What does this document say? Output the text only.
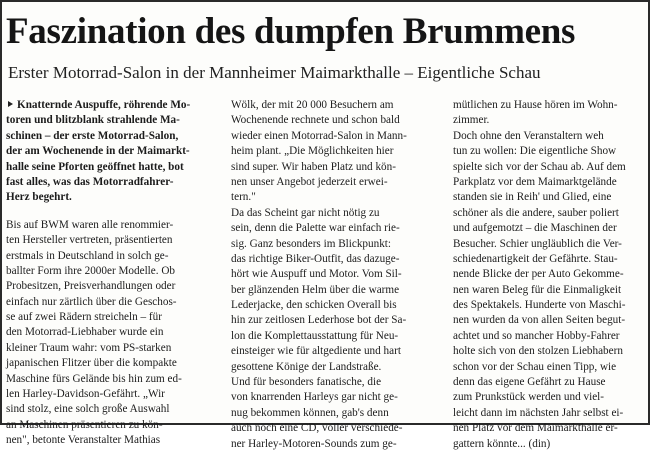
Faszination des dumpfen Brummens
Erster Motorrad-Salon in der Mannheimer Maimarkthalle – Eigentliche Schau
Knatternde Auspuffe, röhrende Mo-
toren und blitzblank strahlende Ma-
schinen – der erste Motorrad-Salon,
der am Wochenende in der Maimarkt-
halle seine Pforten geöffnet hatte, bot
fast alles, was das Motorradfahrer-
Herz begehrt.
Bis auf BWM waren alle renommier-
ten Hersteller vertreten, präsentierten
erstmals in Deutschland in solch ge-
ballter Form ihre 2000er Modelle. Ob
Probesitzen, Preisverhandlungen oder
einfach nur zärtlich über die Geschos-
se auf zwei Rädern streicheln – für
den Motorrad-Liebhaber wurde ein
kleiner Traum wahr: vom PS-starken
japanischen Flitzer über die kompakte
Maschine fürs Gelände bis hin zum ed-
len Harley-Davidson-Gefährt. „Wir
sind stolz, eine solch große Auswahl
an Maschinen präsentieren zu kön-
nen", betonte Veranstalter Mathias
Wölk, der mit 20 000 Besuchern am
Wochenende rechnete und schon bald
wieder einen Motorrad-Salon in Mann-
heim plant. „Die Möglichkeiten hier
sind super. Wir haben Platz und kön-
nen unser Angebot jederzeit erwei-
tern."
Da das Scheint gar nicht nötig zu
sein, denn die Palette war einfach rie-
sig. Ganz besonders im Blickpunkt:
das richtige Biker-Outfit, das dazuge-
hört wie Auspuff und Motor. Vom Sil-
ber glänzenden Helm über die warme
Lederjacke, den schicken Overall bis
hin zur zeitlosen Lederhose bot der Sa-
lon die Komplettausstattung für Neu-
einsteiger wie für altgediente und hart
gesottene Könige der Landstraße.
Und für besonders fanatische, die
von knarrenden Harleys gar nicht ge-
nug bekommen können, gab's denn
auch noch eine CD, voller verschiede-
ner Harley-Motoren-Sounds zum ge-
mütlichen zu Hause hören im Wohn-
zimmer.
Doch ohne den Veranstaltern weh
tun zu wollen: Die eigentliche Show
spielte sich vor der Schau ab. Auf dem
Parkplatz vor dem Maimarktgelände
standen sie in Reih' und Glied, eine
schöner als die andere, sauber poliert
und aufgemotzt – die Maschinen der
Besucher. Schier ungläublich die Ver-
schiedenartigkeit der Gefährte. Stau-
nende Blicke der per Auto Gekomme-
nen waren Beleg für die Einmaligkeit
des Spektakels. Hunderte von Maschi-
nen wurden da von allen Seiten begut-
achtet und so mancher Hobby-Fahrer
holte sich von den stolzen Liebhabern
schon vor der Schau einen Tipp, wie
denn das eigene Gefährt zu Hause
zum Prunkstück werden und viel-
leicht dann im nächsten Jahr selbst ei-
nen Platz vor dem Maimarkthalle er-
gattern könnte... (din)
